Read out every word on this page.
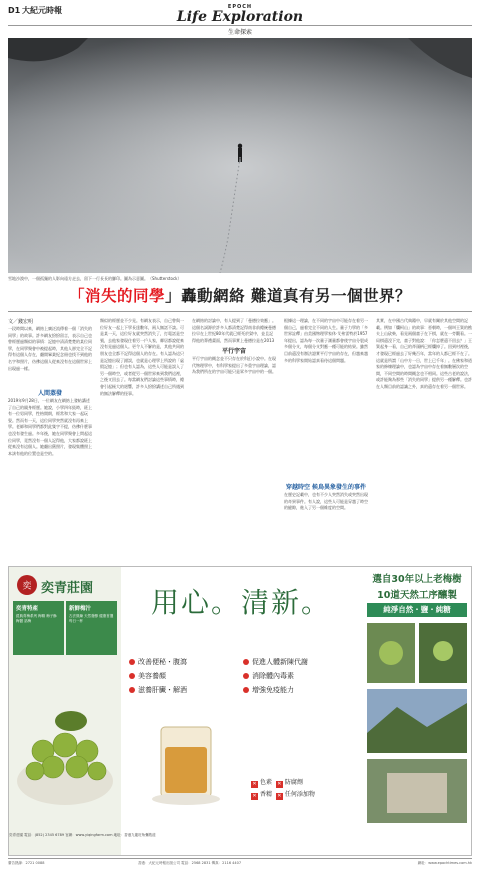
D1 大紀元時報	EPOCH
Life Exploration
生命探索
雪地沙漠中，一個孤獨的人影向遠方走去，留下一行長長的腳印。圖為示意圖。（Shutterstock）
「消失的同學」轟動網絡 難道真有另一個世界？
文／錢宏明
一段時間以來，網絡上廣泛流傳着一個「消失的同學」的故事。許多網友紛紛留言，表示自己也曾經歷過類似的事情：記憶中清清楚楚的某位同學，在同學聚會中被提起時，其他人卻完全不記得有這個人存在，翻開畢業紀念冊也找不到他的名字和照片，彷彿這個人從來沒有在這個世界上出現過一樣。
人間蒸發
2019年9月28日，一位網友在網絡上發帖講述了自己的親身經歷。她說，小學四年級時，班上有一位男同學，性格開朗，經常和大家一起玩耍。然而有一天，這位同學突然就沒有再來上學。老師和同學們都對此隻字不提，彷彿什麼事也沒有發生過。多年後，她在同學聚會上問起這位同學，竟然沒有一個人記得他，大家都說班上從來沒有這個人。她翻出舊照片，發現集體照上本該有他的位置也是空的。
類似的經歷並不少見。有網友表示，自己曾與一位好友一起上下學長達數年，兩人無話不談。可是某一天，這位好友就突然消失了，打電話是空號，去他家發現住着另一戶人家，鄰居都說從來沒有見過這個人。更令人不解的是，其他共同的朋友也全都不記得這個人的存在。有人認為這只是記憶出現了錯誤，也就是心理學上所說的「虛假記憶」；但也有人認為，這些人可能是誤入了另一個時空，或者從另一個世界來到我們這裡，之後又回去了。每當網友們討論這些事情時，總會引起極大的迴響，許多人紛紛講述自己所遇到的無法解釋的怪事。
在網絡的討論中，有人提到了「曼德拉效應」。這個名詞源於許多人都清楚記得南非前總統曼德拉早在上世紀80年代就已經死於獄中，並且記得他的葬禮畫面，然而事實上曼德拉是在2013
平行宇宙
平行宇宙的概念並不只存在於科幻小說中。在現代物理學中，有科學家提出了多重宇宙理論，認為我們所在的宇宙可能只是眾多宇宙中的一個。
根據這一理論，在不同的宇宙中可能存在着另一個自己，過着完全不同的人生。量子力學的「多世界詮釋」由美國物理學家休·艾弗雷特於1957年提出，認為每一次量子測量都會使宇宙分裂成多個分支，每個分支對應一種可能的結果。雖然目前還沒有辦法證實平行宇宙的存在，但越來越多的科學家開始認真看待這個問題。
穿越時空 候鳥異象發生的事件
在歷史記載中，也有不少人突然消失或突然出現的奇異事件。有人說，這些人可能是穿越了時空的縫隙，進入了另一個維度的空間。
其實，在中國古代典籍中，早就有關於其他空間的記載。例如「爛柯山」的故事：晉朝時，一個叫王質的樵夫上山砍柴，看見兩個童子在下棋，就在一旁觀看。一局棋還沒下完，童子對他說：「你怎麼還不回去？」王質起身一看，自己的斧頭柄已經爛掉了。回到村裡後，才發現已經過去了好幾百年，當年的人都已經不在了。這就是所謂「山中方一日，世上已千年」。在佛家和道家的修煉理論中，也認為宇宙中存在着無數層次的空間，不同空間的時間概念也不相同。這些古老的說法，或許能夠為那些「消失的同學」提供另一種解釋。也許在人類目前的認識之外，真的還存在着另一個世界。
奕 奕青莊園
奕青特產
經典青梅系列 梅精 梅子酥 梅醬 話梅
新鮮梅汁
古法熬煉 天然發酵 健康首選 每日一杯
用心。清新。
改善便秘・腹瀉
美容養顏
滋養肝臟・解酒
促進人體新陳代謝
消除體內毒素
增強免疫能力
✕ 色素 ✕ 防腐劑
✕ 香精 ✕ 任何添加物
選自30年以上老梅樹
10道天然工序釀製
純淨自然・鹽・純糖
奕青莊園 電話：(852) 2345 6789 官網：www.yiqingfarm.com 地址：香港九龍旺角彌敦道
廣告熱線：2721 0088	香港：大紀元時報出版公司 電話：2568 2831 傳真：2116 4407	網址：www.epochtimes.com.hk
